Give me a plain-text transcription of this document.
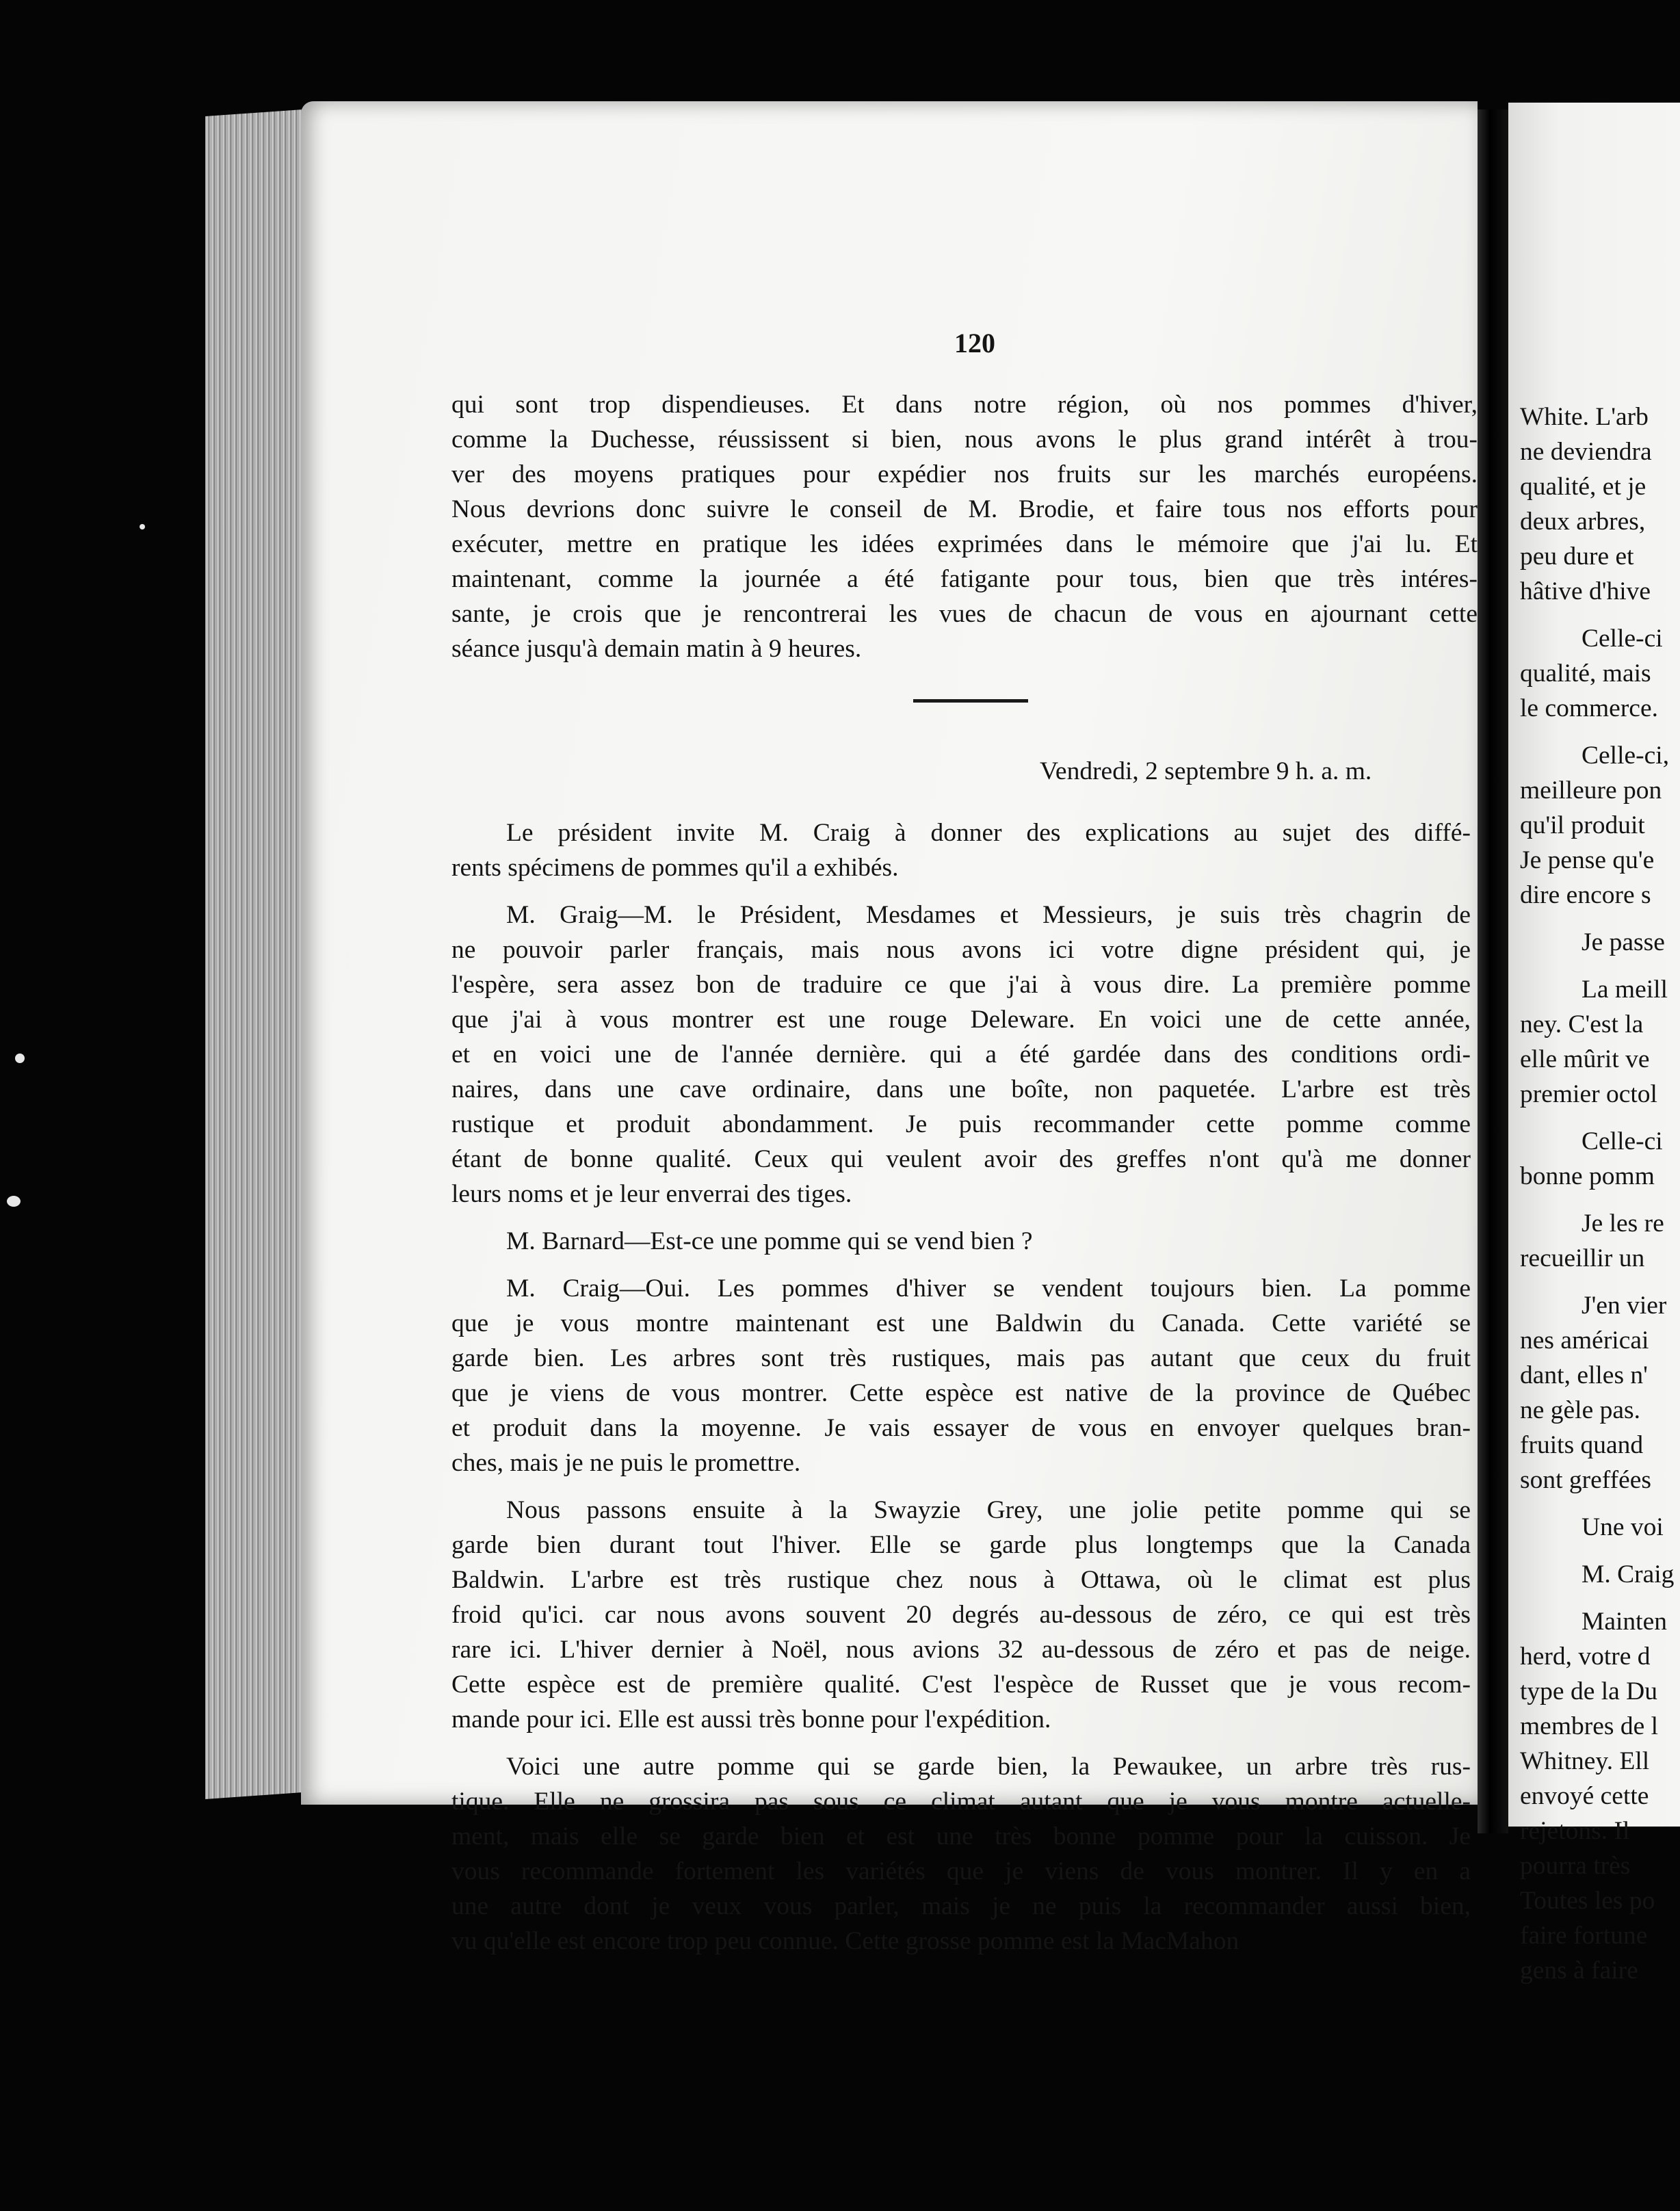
120
qui sont trop dispendieuses. Et dans notre région, où nos pommes d'hiver,
comme la Duchesse, réussissent si bien, nous avons le plus grand intérêt à trou-
ver des moyens pratiques pour expédier nos fruits sur les marchés européens.
Nous devrions donc suivre le conseil de M. Brodie, et faire tous nos efforts pour
exécuter, mettre en pratique les idées exprimées dans le mémoire que j'ai lu. Et
maintenant, comme la journée a été fatigante pour tous, bien que très intéres-
sante, je crois que je rencontrerai les vues de chacun de vous en ajournant cette
séance jusqu'à demain matin à 9 heures.
Vendredi, 2 septembre 9 h. a. m.
Le président invite M. Craig à donner des explications au sujet des diffé-
rents spécimens de pommes qu'il a exhibés.
M. Graig—M. le Président, Mesdames et Messieurs, je suis très chagrin de
ne pouvoir parler français, mais nous avons ici votre digne président qui, je
l'espère, sera assez bon de traduire ce que j'ai à vous dire. La première pomme
que j'ai à vous montrer est une rouge Deleware. En voici une de cette année,
et en voici une de l'année dernière. qui a été gardée dans des conditions ordi-
naires, dans une cave ordinaire, dans une boîte, non paquetée. L'arbre est très
rustique et produit abondamment. Je puis recommander cette pomme comme
étant de bonne qualité. Ceux qui veulent avoir des greffes n'ont qu'à me donner
leurs noms et je leur enverrai des tiges.
M. Barnard—Est-ce une pomme qui se vend bien ?
M. Craig—Oui. Les pommes d'hiver se vendent toujours bien. La pomme
que je vous montre maintenant est une Baldwin du Canada. Cette variété se
garde bien. Les arbres sont très rustiques, mais pas autant que ceux du fruit
que je viens de vous montrer. Cette espèce est native de la province de Québec
et produit dans la moyenne. Je vais essayer de vous en envoyer quelques bran-
ches, mais je ne puis le promettre.
Nous passons ensuite à la Swayzie Grey, une jolie petite pomme qui se
garde bien durant tout l'hiver. Elle se garde plus longtemps que la Canada
Baldwin. L'arbre est très rustique chez nous à Ottawa, où le climat est plus
froid qu'ici. car nous avons souvent 20 degrés au-dessous de zéro, ce qui est très
rare ici. L'hiver dernier à Noël, nous avions 32 au-dessous de zéro et pas de neige.
Cette espèce est de première qualité. C'est l'espèce de Russet que je vous recom-
mande pour ici. Elle est aussi très bonne pour l'expédition.
Voici une autre pomme qui se garde bien, la Pewaukee, un arbre très rus-
tique. Elle ne grossira pas sous ce climat autant que je vous montre actuelle-
ment, mais elle se garde bien et est une très bonne pomme pour la cuisson. Je
vous recommande fortement les variétés que je viens de vous montrer. Il y en a
une autre dont je veux vous parler, mais je ne puis la recommander aussi bien,
vu qu'elle est encore trop peu connue. Cette grosse pomme est la MacMahon
White. L'arb
ne deviendra
qualité, et je
deux arbres,
peu dure et
hâtive d'hive
Celle-ci
qualité, mais
le commerce.
Celle-ci,
meilleure pon
qu'il produit
Je pense qu'e
dire encore s
Je passe
La meill
ney. C'est la
elle mûrit ve
premier octol
Celle-ci
bonne pomm
Je les re
recueillir un
J'en vier
nes américai
dant, elles n'
ne gèle pas.
fruits quand
sont greffées
Une voi
M. Craig
Mainten
herd, votre d
type de la Du
membres de l
Whitney. Ell
envoyé cette
rejetons. Il
pourra très
Toutes les po
faire fortune
gens à faire
